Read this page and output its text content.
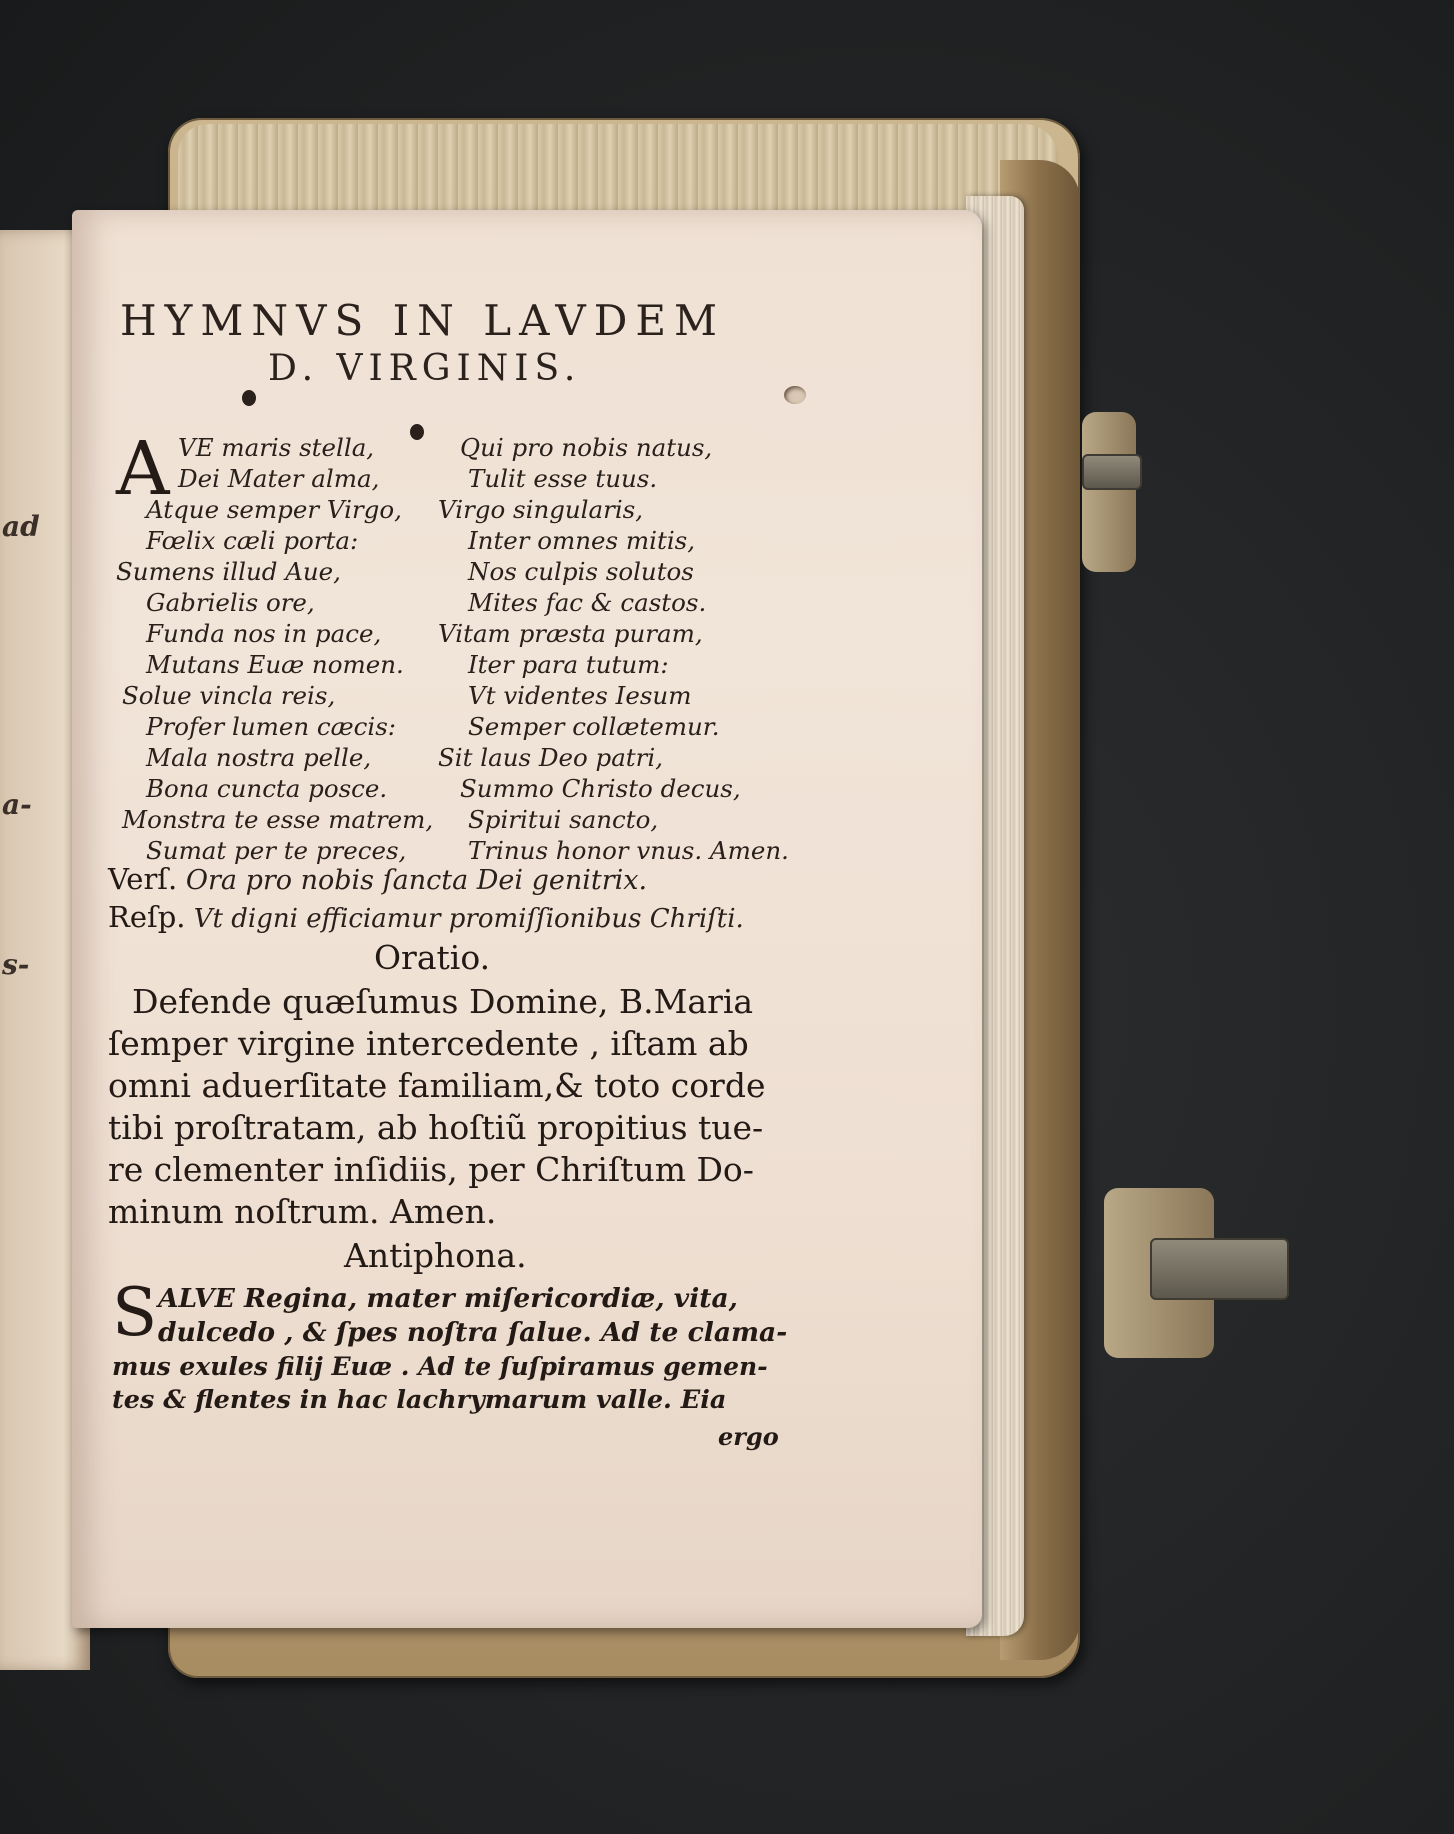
ad
a-
s-
HYMNVS IN LAVDEM
D. VIRGINIS.
A VE maris stella,
Dei Mater alma,
Atque semper Virgo,
Fœlix cæli porta:
Sumens illud Aue,
Gabrielis ore,
Funda nos in pace,
Mutans Euæ nomen.
Solue vincla reis,
Profer lumen cæcis:
Mala nostra pelle,
Bona cuncta posce.
Monstra te esse matrem,
Sumat per te preces,
Qui pro nobis natus,
Tulit esse tuus.
Virgo singularis,
Inter omnes mitis,
Nos culpis solutos
Mites fac & castos.
Vitam præsta puram,
Iter para tutum:
Vt videntes Iesum
Semper collætemur.
Sit laus Deo patri,
Summo Christo decus,
Spiritui sancto,
Trinus honor vnus. Amen.
Verſ. Ora pro nobis ſancta Dei genitrix.
Reſp. Vt digni efficiamur promiſſionibus Chriſti.
Oratio.
Defende quæſumus Domine, B.Maria
ſemper virgine intercedente , iſtam ab
omni aduerſitate familiam,& toto corde
tibi proſtratam, ab hoſtiũ propitius tue-
re clementer inſidiis, per Chriſtum Do-
minum noſtrum. Amen.
Antiphona.
S ALVE Regina, mater miſericordiæ, vita,
dulcedo , & ſpes noſtra ſalue. Ad te clama-
mus exules filij Euæ . Ad te ſuſpiramus gemen-
tes & flentes in hac lachrymarum valle. Eia
ergo
